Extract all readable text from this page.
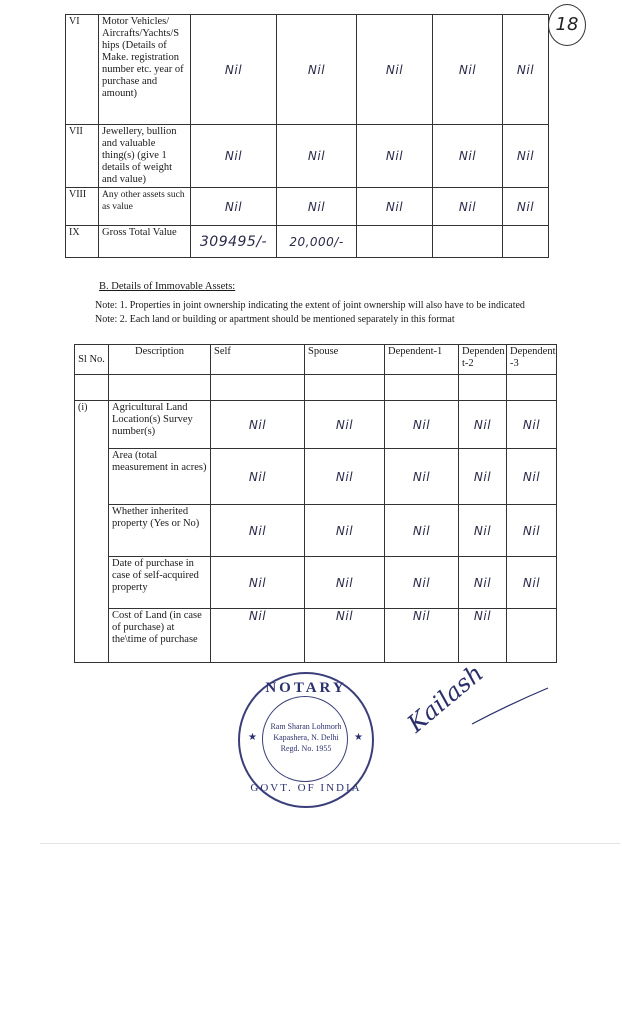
18
VI	Motor Vehicles/ Aircrafts/Yachts/S hips (Details of Make. registration number etc. year of purchase and amount)	Nil	Nil	Nil	Nil	Nil
VII	Jewellery, bullion and valuable thing(s) (give 1 details of weight and value)	Nil	Nil	Nil	Nil	Nil
VIII	Any other assets such as value	Nil	Nil	Nil	Nil	Nil
IX	Gross Total Value	309495/-	20,000/-			
B. Details of Immovable Assets:
Note: 1. Properties in joint ownership indicating the extent of joint ownership will also have to be indicated
Note: 2. Each land or building or apartment should be mentioned separately in this format
Sl No.	Description	Self	Spouse	Dependent-1	Dependen t-2	Dependent -3

(i)	Agricultural Land Location(s) Survey number(s)	Nil	Nil	Nil	Nil	Nil
	Area (total measurement in acres)	Nil	Nil	Nil	Nil	Nil
	Whether inherited property (Yes or No)	Nil	Nil	Nil	Nil	Nil
	Date of purchase in case of self-acquired property	Nil	Nil	Nil	Nil	Nil
	Cost of Land (in case of purchase) at the\time of purchase	Nil	Nil	Nil	Nil	
NOTARY
Ram Sharan Lohmorh
Kapashera, N. Delhi
Regd. No. 1955
GOVT. OF INDIA
★	★ Kailash
